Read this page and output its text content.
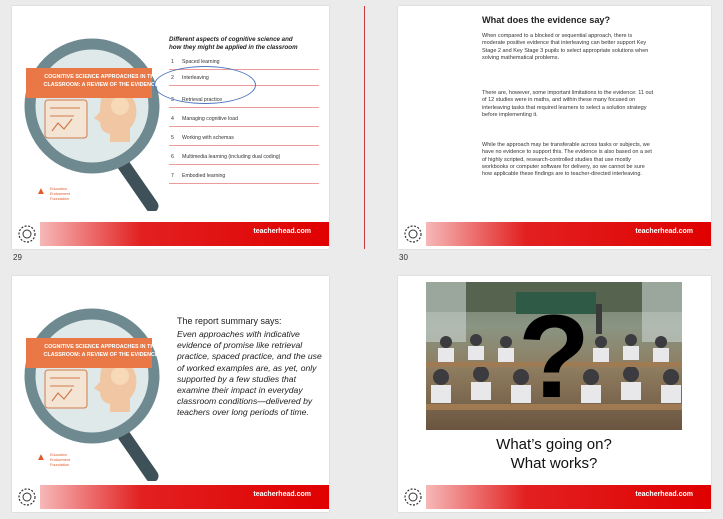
COGNITIVE SCIENCE APPROACHES IN THE CLASSROOM: A REVIEW OF THE EVIDENCE
▲ Education
Endowment
Foundation
Different aspects of cognitive science and
how they might be applied in the classroom
1 Spaced learning
2 Interleaving
3 Retrieval practice
4 Managing cognitive load
5 Working with schemas
6 Multimedia learning (including dual coding)
7 Embodied learning
teacherhead.com
29
What does the evidence say?

When compared to a blocked or sequential approach, there is moderate positive evidence that interleaving can better support Key Stage 2 and Key Stage 3 pupils to select appropriate solutions when solving mathematical problems.

There are, however, some important limitations to the evidence: 11 out of 12 studies were in maths, and within these many focused on interleaving tasks that required learners to select a solution strategy before implementing it.

While the approach may be transferable across tasks or subjects, we have no evidence to support this. The evidence is also based on a set of highly scripted, research-controlled studies that use mostly workbooks or computer software for delivery, so we cannot be sure how applicable these findings are to teacher-directed interleaving.

teacherhead.com
30
COGNITIVE SCIENCE APPROACHES IN THE CLASSROOM: A REVIEW OF THE EVIDENCE
▲ Education
Endowment
Foundation
The report summary says:
Even approaches with indicative evidence of promise like retrieval practice, spaced practice, and the use of worked examples are, as yet, only supported by a few studies that examine their impact in everyday classroom conditions—delivered by teachers over long periods of time.
teacherhead.com
?
What’s going on?
What works?
teacherhead.com
